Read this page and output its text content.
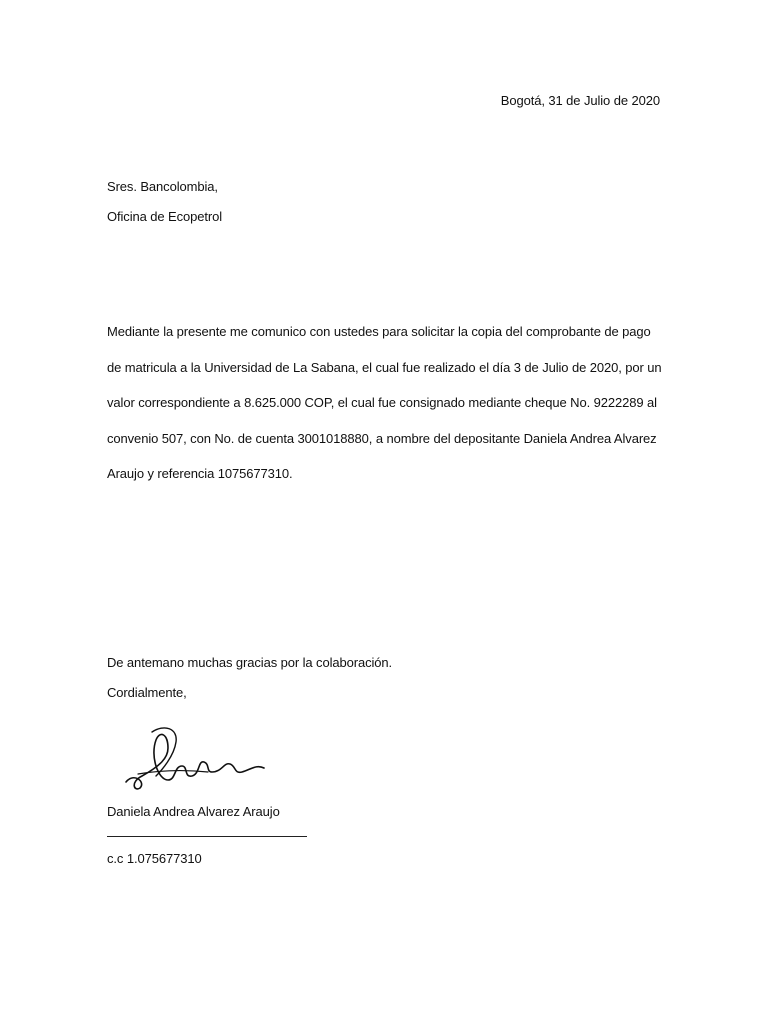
Bogotá, 31 de Julio de 2020
Sres. Bancolombia,
Oficina de Ecopetrol
Mediante la presente me comunico con ustedes para solicitar la copia del comprobante de pago
de matricula a la Universidad de La Sabana, el cual fue realizado el día 3 de Julio de 2020, por un
valor correspondiente a 8.625.000 COP, el cual fue consignado mediante cheque No. 9222289 al
convenio 507, con No. de cuenta 3001018880, a nombre del depositante Daniela Andrea Alvarez
Araujo y referencia 1075677310.
De antemano muchas gracias por la colaboración.
Cordialmente,
Daniela Andrea Alvarez Araujo
c.c 1.075677310
